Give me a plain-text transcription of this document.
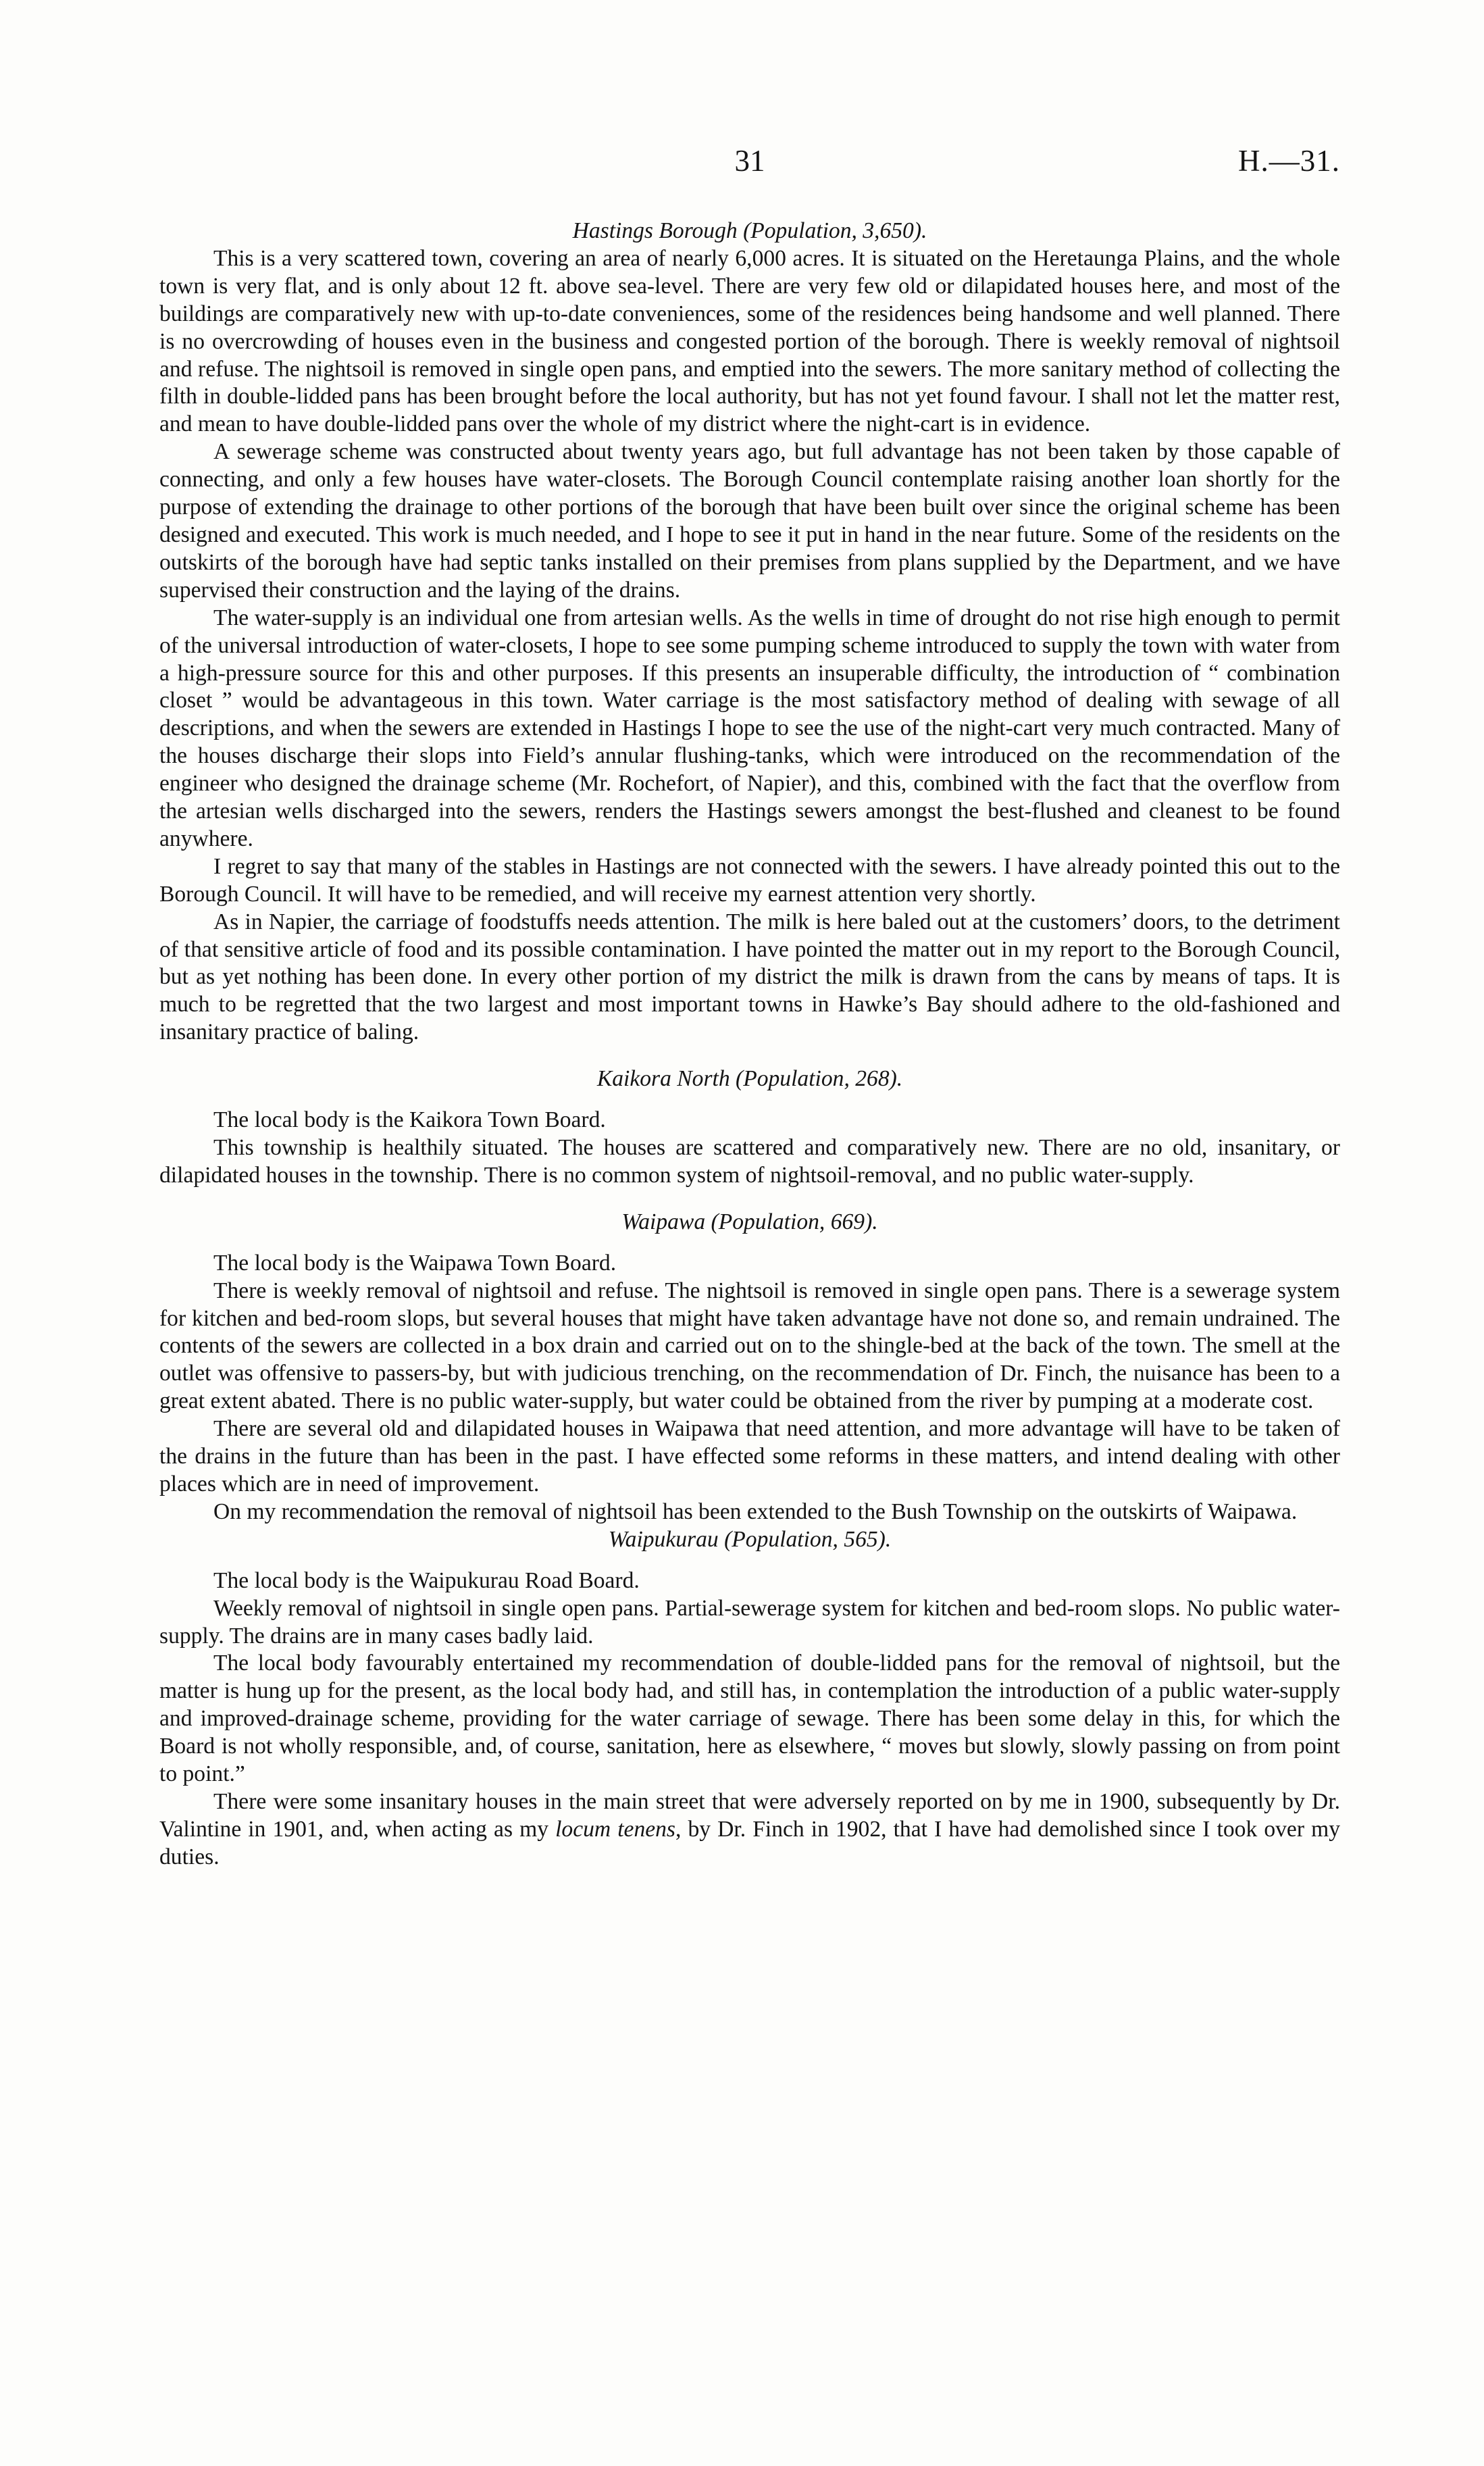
31	H.—31.
Hastings Borough (Population, 3,650).

This is a very scattered town, covering an area of nearly 6,000 acres. It is situated on the Heretaunga Plains, and the whole town is very flat, and is only about 12 ft. above sea-level. There are very few old or dilapidated houses here, and most of the buildings are comparatively new with up-to-date conveniences, some of the residences being handsome and well planned. There is no overcrowding of houses even in the business and congested portion of the borough. There is weekly removal of nightsoil and refuse. The nightsoil is removed in single open pans, and emptied into the sewers. The more sanitary method of collecting the filth in double-lidded pans has been brought before the local authority, but has not yet found favour. I shall not let the matter rest, and mean to have double-lidded pans over the whole of my district where the night-cart is in evidence.

A sewerage scheme was constructed about twenty years ago, but full advantage has not been taken by those capable of connecting, and only a few houses have water-closets. The Borough Council contemplate raising another loan shortly for the purpose of extending the drainage to other portions of the borough that have been built over since the original scheme has been designed and executed. This work is much needed, and I hope to see it put in hand in the near future. Some of the residents on the outskirts of the borough have had septic tanks installed on their premises from plans supplied by the Department, and we have supervised their construction and the laying of the drains.

The water-supply is an individual one from artesian wells. As the wells in time of drought do not rise high enough to permit of the universal introduction of water-closets, I hope to see some pumping scheme introduced to supply the town with water from a high-pressure source for this and other purposes. If this presents an insuperable difficulty, the introduction of “ combination closet ” would be advantageous in this town. Water carriage is the most satisfactory method of dealing with sewage of all descriptions, and when the sewers are extended in Hastings I hope to see the use of the night-cart very much contracted. Many of the houses discharge their slops into Field’s annular flushing-tanks, which were introduced on the recommendation of the engineer who designed the drainage scheme (Mr. Rochefort, of Napier), and this, combined with the fact that the overflow from the artesian wells discharged into the sewers, renders the Hastings sewers amongst the best-flushed and cleanest to be found anywhere.

I regret to say that many of the stables in Hastings are not connected with the sewers. I have already pointed this out to the Borough Council. It will have to be remedied, and will receive my earnest attention very shortly.

As in Napier, the carriage of foodstuffs needs attention. The milk is here baled out at the customers’ doors, to the detriment of that sensitive article of food and its possible contamination. I have pointed the matter out in my report to the Borough Council, but as yet nothing has been done. In every other portion of my district the milk is drawn from the cans by means of taps. It is much to be regretted that the two largest and most important towns in Hawke’s Bay should adhere to the old-fashioned and insanitary practice of baling.

Kaikora North (Population, 268).

The local body is the Kaikora Town Board.

This township is healthily situated. The houses are scattered and comparatively new. There are no old, insanitary, or dilapidated houses in the township. There is no common system of nightsoil-removal, and no public water-supply.

Waipawa (Population, 669).

The local body is the Waipawa Town Board.

There is weekly removal of nightsoil and refuse. The nightsoil is removed in single open pans. There is a sewerage system for kitchen and bed-room slops, but several houses that might have taken advantage have not done so, and remain undrained. The contents of the sewers are collected in a box drain and carried out on to the shingle-bed at the back of the town. The smell at the outlet was offensive to passers-by, but with judicious trenching, on the recommendation of Dr. Finch, the nuisance has been to a great extent abated. There is no public water-supply, but water could be obtained from the river by pumping at a moderate cost.

There are several old and dilapidated houses in Waipawa that need attention, and more advantage will have to be taken of the drains in the future than has been in the past. I have effected some reforms in these matters, and intend dealing with other places which are in need of improvement.

On my recommendation the removal of nightsoil has been extended to the Bush Township on the outskirts of Waipawa.

Waipukurau (Population, 565).

The local body is the Waipukurau Road Board.

Weekly removal of nightsoil in single open pans. Partial-sewerage system for kitchen and bed-room slops. No public water-supply. The drains are in many cases badly laid.

The local body favourably entertained my recommendation of double-lidded pans for the removal of nightsoil, but the matter is hung up for the present, as the local body had, and still has, in contemplation the introduction of a public water-supply and improved-drainage scheme, providing for the water carriage of sewage. There has been some delay in this, for which the Board is not wholly responsible, and, of course, sanitation, here as elsewhere, “ moves but slowly, slowly passing on from point to point.”

There were some insanitary houses in the main street that were adversely reported on by me in 1900, subsequently by Dr. Valintine in 1901, and, when acting as my locum tenens, by Dr. Finch in 1902, that I have had demolished since I took over my duties.
